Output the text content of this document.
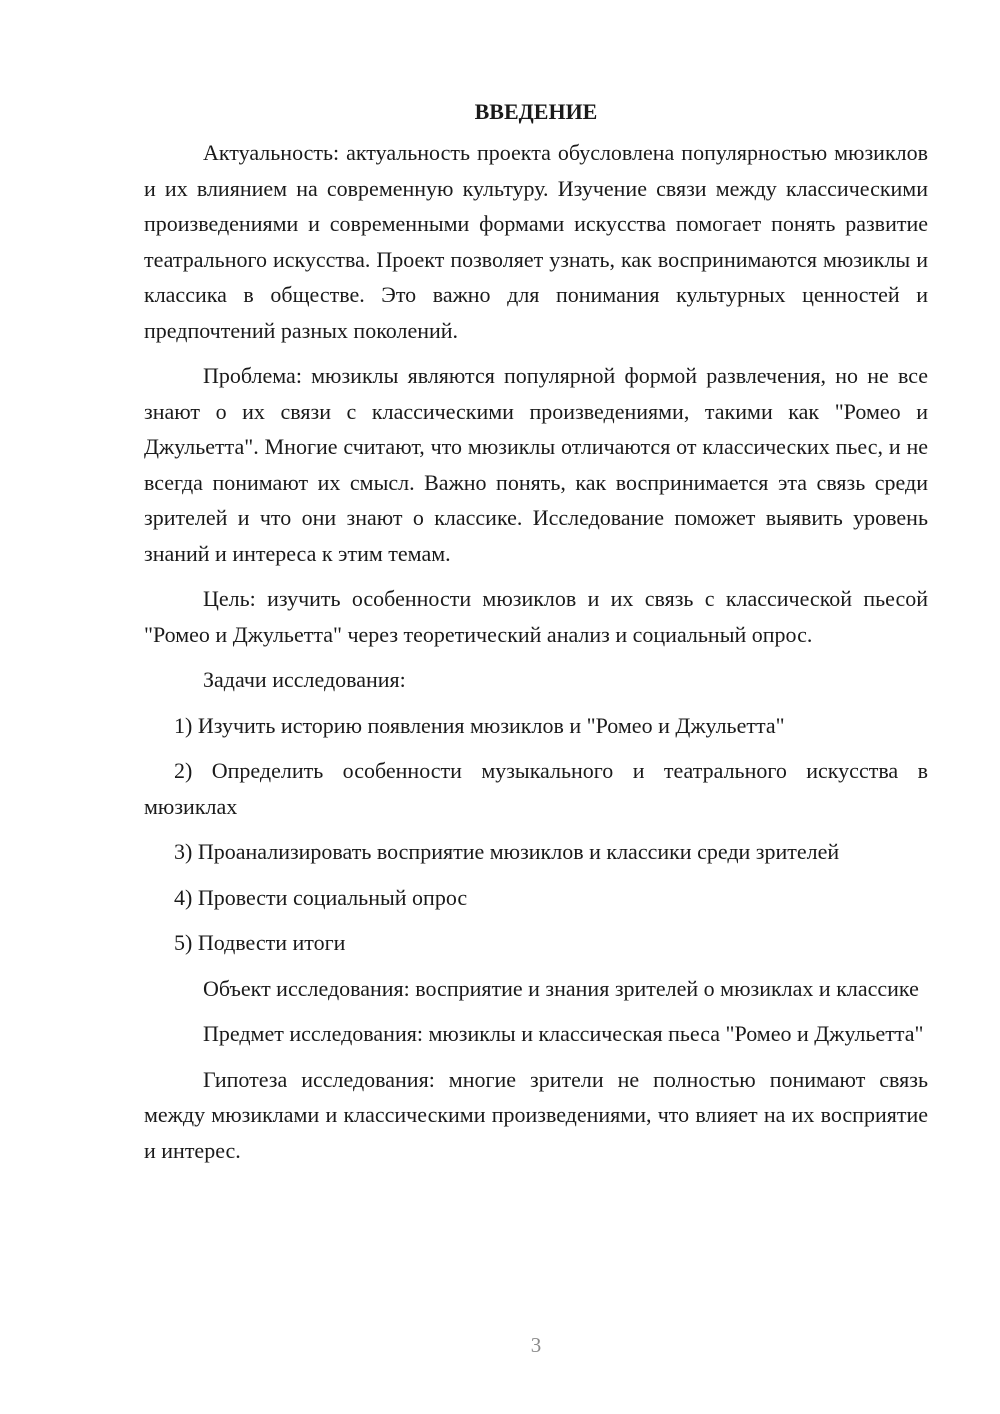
ВВЕДЕНИЕ

Актуальность: актуальность проекта обусловлена популярностью мюзиклов и их влиянием на современную культуру. Изучение связи между классическими произведениями и современными формами искусства помогает понять развитие театрального искусства. Проект позволяет узнать, как воспринимаются мюзиклы и классика в обществе. Это важно для понимания культурных ценностей и предпочтений разных поколений.

Проблема: мюзиклы являются популярной формой развлечения, но не все знают о их связи с классическими произведениями, такими как "Ромео и Джульетта". Многие считают, что мюзиклы отличаются от классических пьес, и не всегда понимают их смысл. Важно понять, как воспринимается эта связь среди зрителей и что они знают о классике. Исследование поможет выявить уровень знаний и интереса к этим темам.

Цель: изучить особенности мюзиклов и их связь с классической пьесой "Ромео и Джульетта" через теоретический анализ и социальный опрос.

Задачи исследования:

1) Изучить историю появления мюзиклов и "Ромео и Джульетта"

2) Определить особенности музыкального и театрального искусства в мюзиклах

3) Проанализировать восприятие мюзиклов и классики среди зрителей

4) Провести социальный опрос

5) Подвести итоги

Объект исследования: восприятие и знания зрителей о мюзиклах и классике

Предмет исследования: мюзиклы и классическая пьеса "Ромео и Джульетта"

Гипотеза исследования: многие зрители не полностью понимают связь между мюзиклами и классическими произведениями, что влияет на их восприятие и интерес.

3
